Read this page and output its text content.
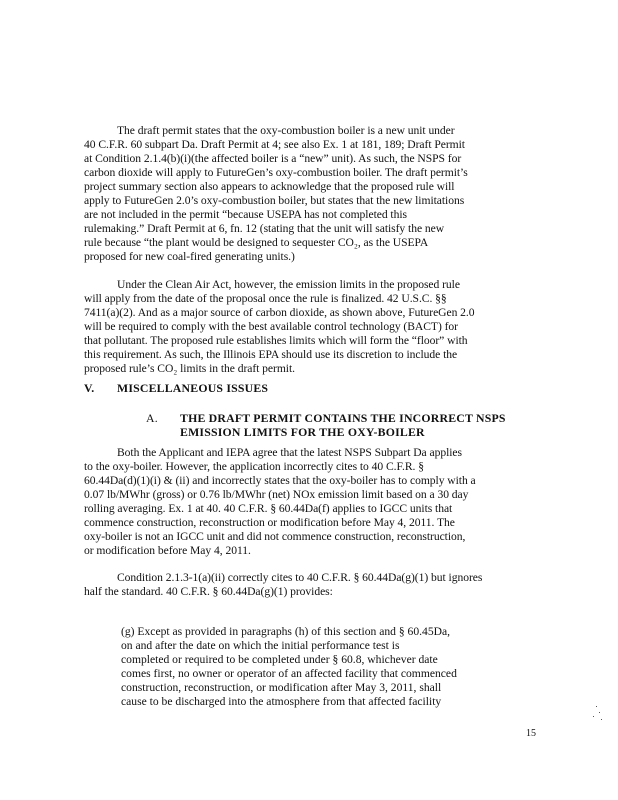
The draft permit states that the oxy-combustion boiler is a new unit under
40 C.F.R. 60 subpart Da. Draft Permit at 4; see also Ex. 1 at 181, 189; Draft Permit
at Condition 2.1.4(b)(i)(the affected boiler is a “new” unit). As such, the NSPS for
carbon dioxide will apply to FutureGen’s oxy-combustion boiler. The draft permit’s
project summary section also appears to acknowledge that the proposed rule will
apply to FutureGen 2.0’s oxy-combustion boiler, but states that the new limitations
are not included in the permit “because USEPA has not completed this
rulemaking.” Draft Permit at 6, fn. 12 (stating that the unit will satisfy the new
rule because “the plant would be designed to sequester CO₂, as the USEPA
proposed for new coal-fired generating units.)
Under the Clean Air Act, however, the emission limits in the proposed rule
will apply from the date of the proposal once the rule is finalized. 42 U.S.C. §§
7411(a)(2). And as a major source of carbon dioxide, as shown above, FutureGen 2.0
will be required to comply with the best available control technology (BACT) for
that pollutant. The proposed rule establishes limits which will form the “floor” with
this requirement. As such, the Illinois EPA should use its discretion to include the
proposed rule’s CO₂ limits in the draft permit.
V. MISCELLANEOUS ISSUES
A. THE DRAFT PERMIT CONTAINS THE INCORRECT NSPS
EMISSION LIMITS FOR THE OXY-BOILER
Both the Applicant and IEPA agree that the latest NSPS Subpart Da applies
to the oxy-boiler. However, the application incorrectly cites to 40 C.F.R. §
60.44Da(d)(1)(i) & (ii) and incorrectly states that the oxy-boiler has to comply with a
0.07 lb/MWhr (gross) or 0.76 lb/MWhr (net) NOx emission limit based on a 30 day
rolling averaging. Ex. 1 at 40. 40 C.F.R. § 60.44Da(f) applies to IGCC units that
commence construction, reconstruction or modification before May 4, 2011. The
oxy-boiler is not an IGCC unit and did not commence construction, reconstruction,
or modification before May 4, 2011.
Condition 2.1.3-1(a)(ii) correctly cites to 40 C.F.R. § 60.44Da(g)(1) but ignores
half the standard. 40 C.F.R. § 60.44Da(g)(1) provides:
(g) Except as provided in paragraphs (h) of this section and § 60.45Da,
on and after the date on which the initial performance test is
completed or required to be completed under § 60.8, whichever date
comes first, no owner or operator of an affected facility that commenced
construction, reconstruction, or modification after May 3, 2011, shall
cause to be discharged into the atmosphere from that affected facility
15
